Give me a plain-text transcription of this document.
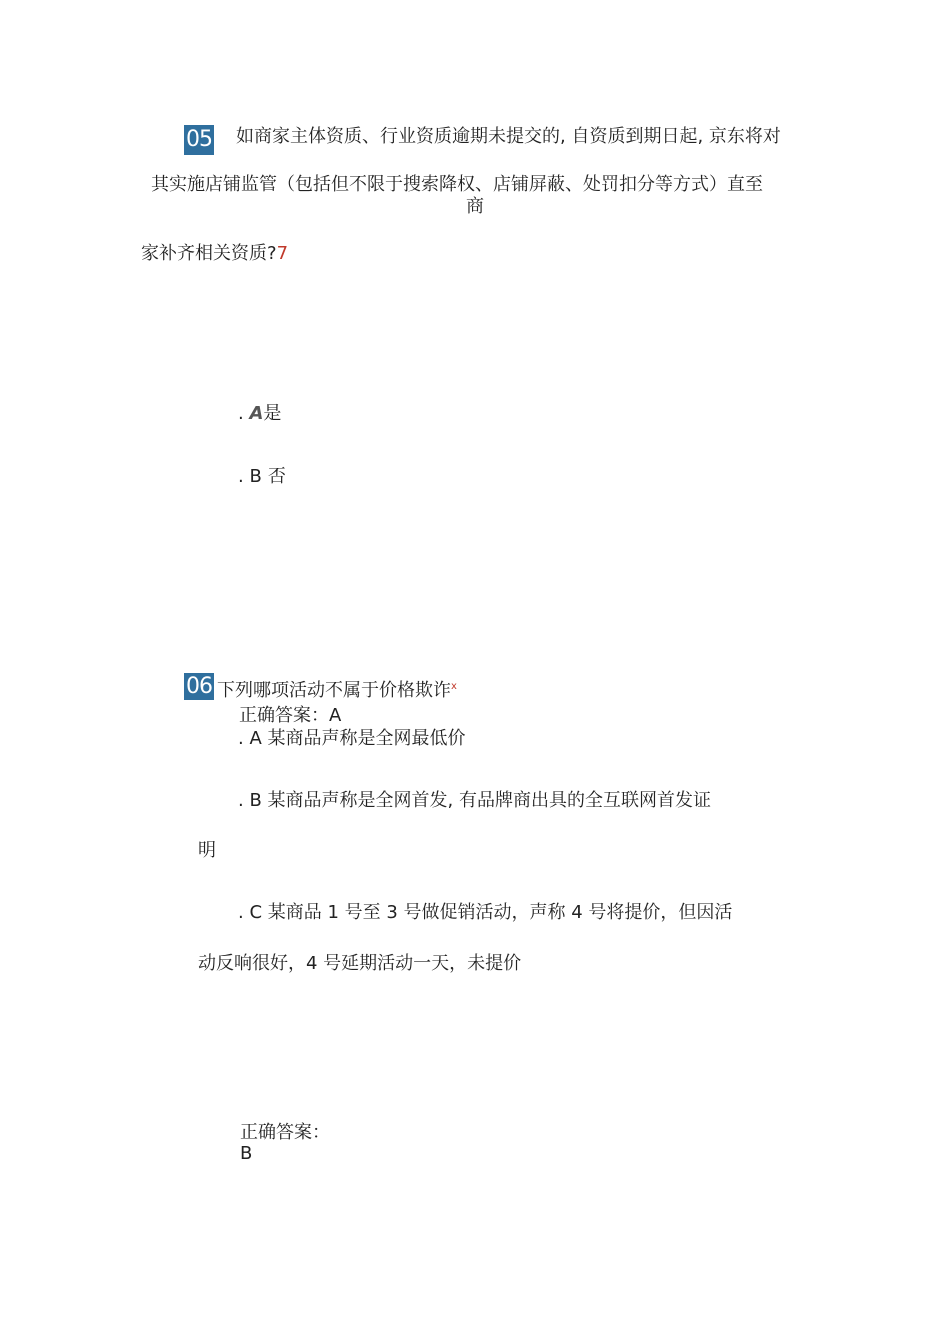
05 如商家主体资质、行业资质逾期未提交的, 自资质到期日起, 京东将对
其实施店铺监管（包括但不限于搜索降权、店铺屏蔽、处罚扣分等方式）直至
商
家补齐相关资质?7
. A是
. B 否
06 下列哪项活动不属于价格欺诈$^x$
正确答案：A
. A 某商品声称是全网最低价
. B 某商品声称是全网首发, 有品牌商出具的全互联网首发证
明
. C 某商品 1 号至 3 号做促销活动，声称 4 号将提价，但因活
动反响很好，4 号延期活动一天，未提价
正确答案：
B
